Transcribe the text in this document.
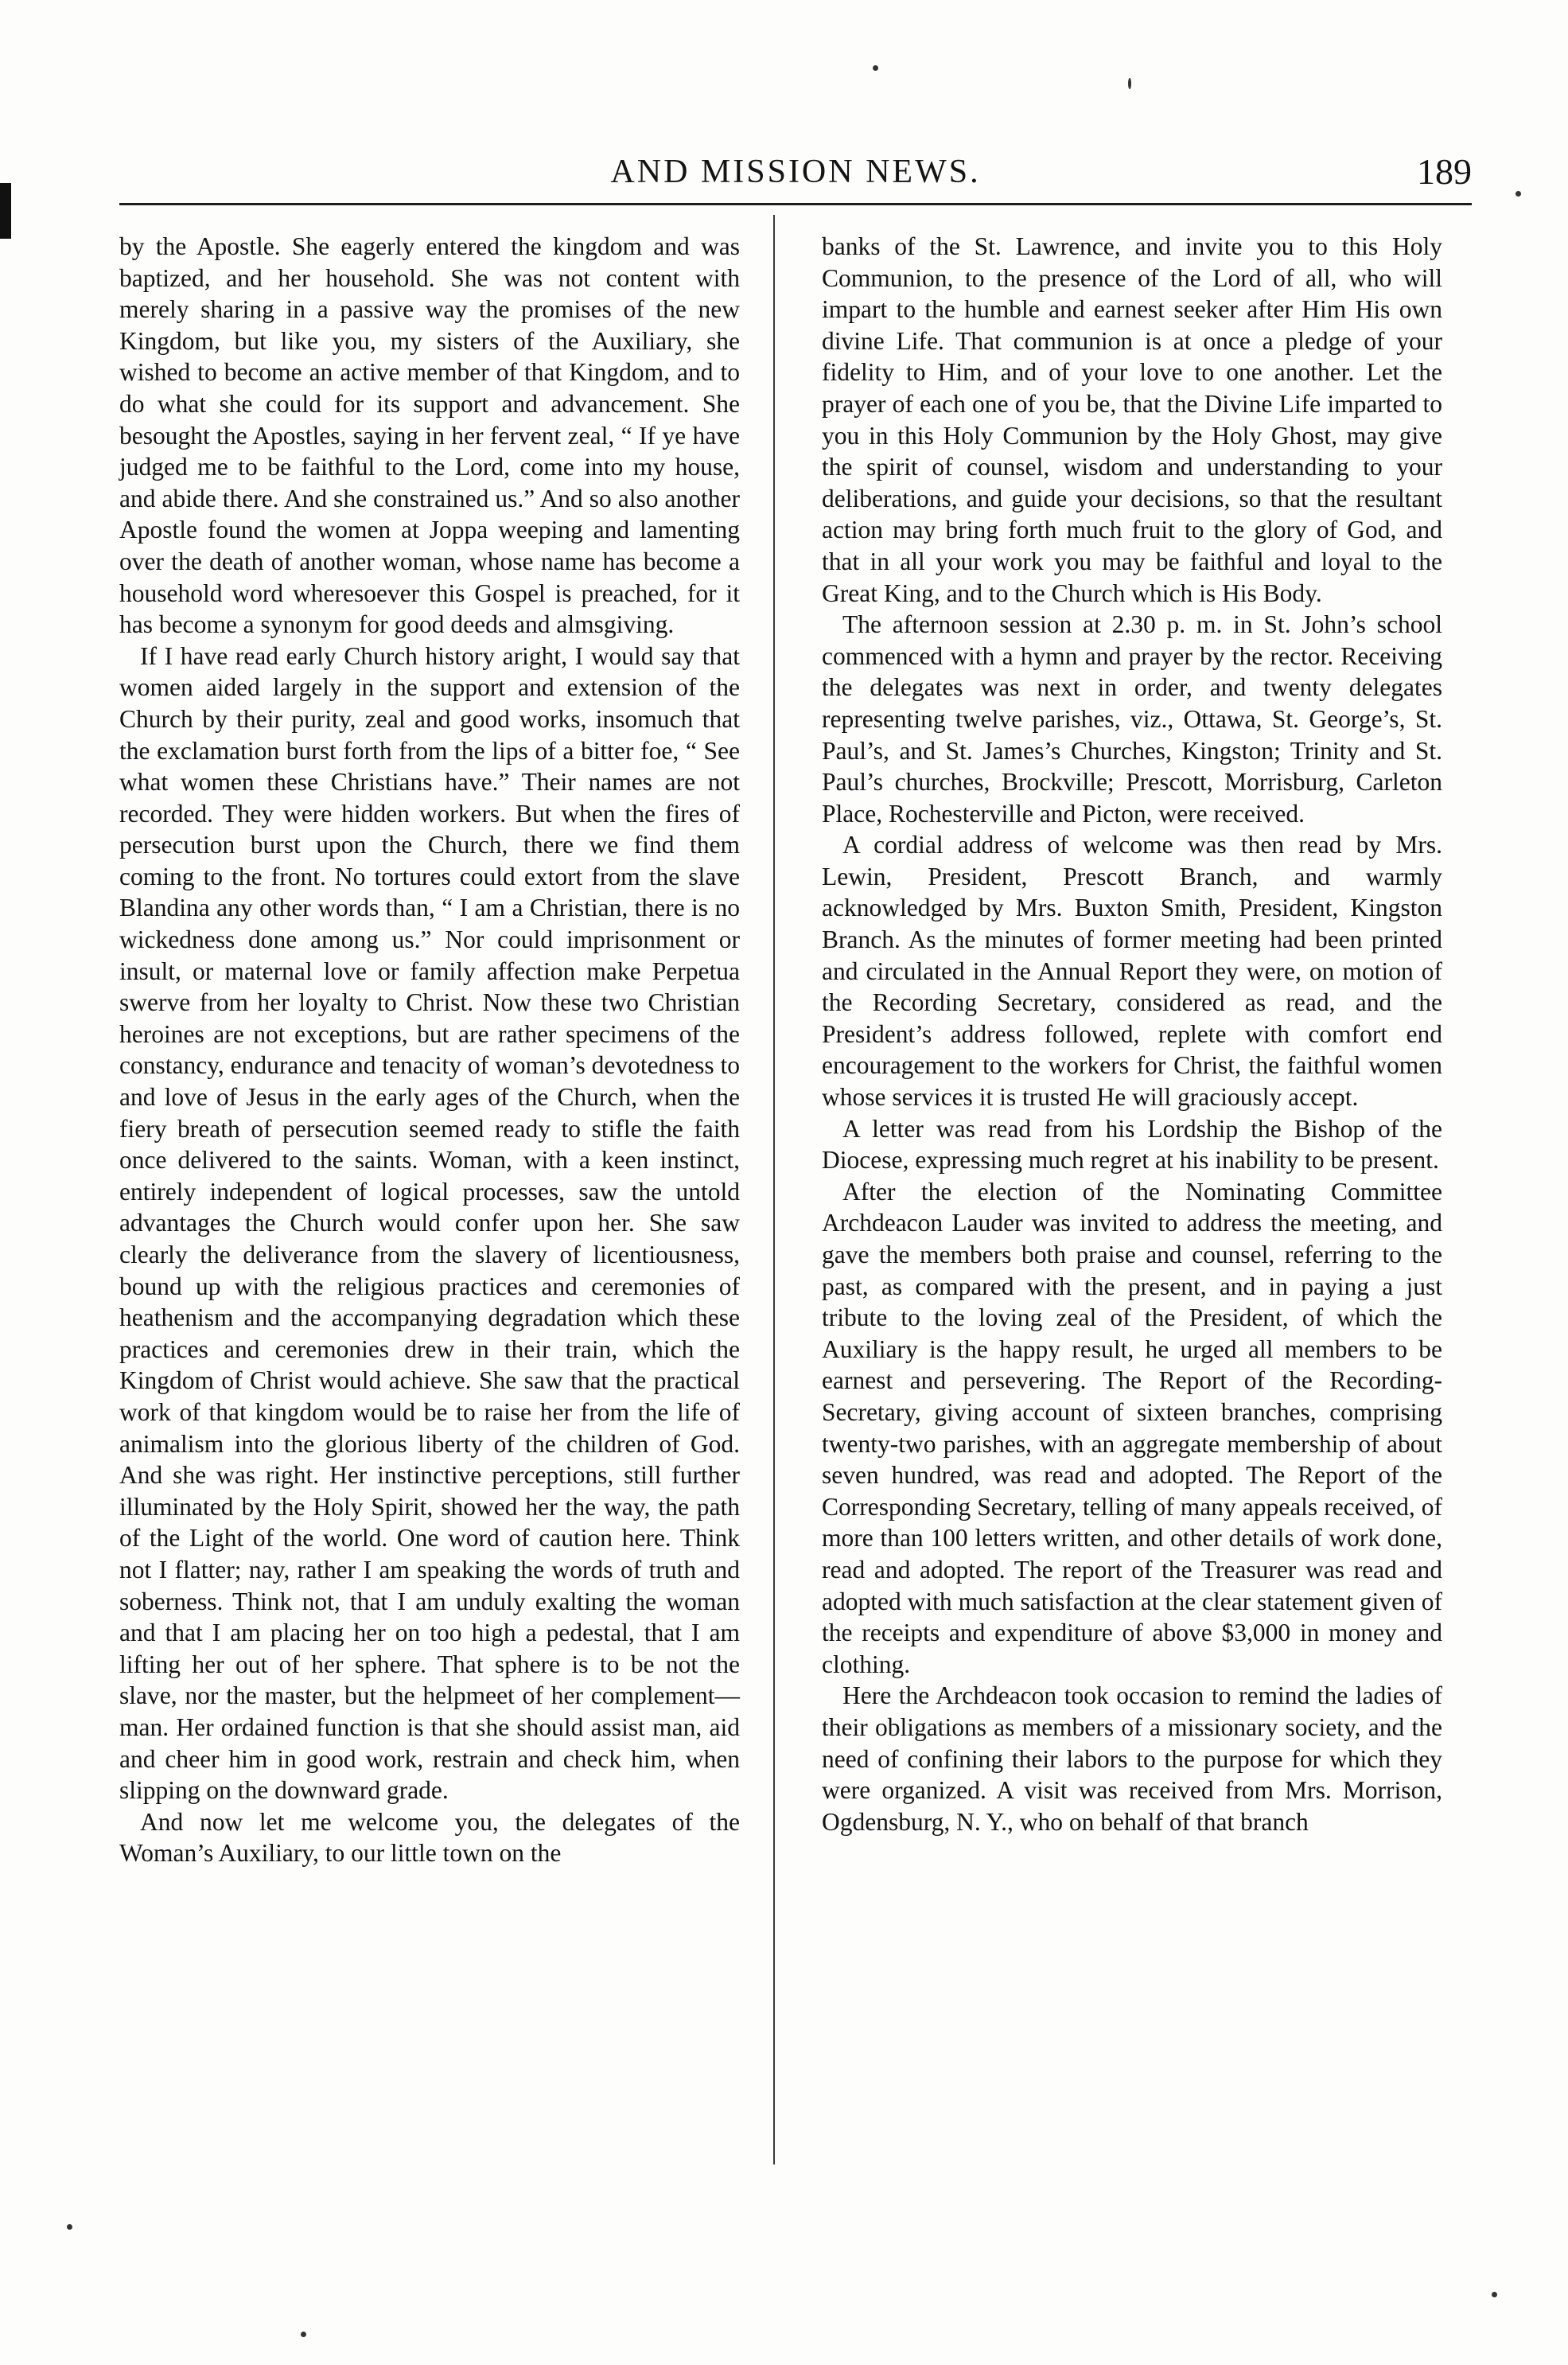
AND MISSION NEWS.	189

by the Apostle. She eagerly entered the kingdom and was baptized, and her household. She was not content with merely sharing in a passive way the promises of the new Kingdom, but like you, my sisters of the Auxiliary, she wished to become an active member of that Kingdom, and to do what she could for its support and advancement. She besought the Apostles, saying in her fervent zeal, “ If ye have judged me to be faithful to the Lord, come into my house, and abide there. And she constrained us.” And so also another Apostle found the women at Joppa weeping and lamenting over the death of another woman, whose name has become a household word wheresoever this Gospel is preached, for it has become a synonym for good deeds and almsgiving.

If I have read early Church history aright, I would say that women aided largely in the support and extension of the Church by their purity, zeal and good works, insomuch that the exclamation burst forth from the lips of a bitter foe, “ See what women these Christians have.” Their names are not recorded. They were hidden workers. But when the fires of persecution burst upon the Church, there we find them coming to the front. No tortures could extort from the slave Blandina any other words than, “ I am a Christian, there is no wickedness done among us.” Nor could imprisonment or insult, or maternal love or family affection make Perpetua swerve from her loyalty to Christ. Now these two Christian heroines are not exceptions, but are rather specimens of the constancy, endurance and tenacity of woman’s devotedness to and love of Jesus in the early ages of the Church, when the fiery breath of persecution seemed ready to stifle the faith once delivered to the saints. Woman, with a keen instinct, entirely independent of logical processes, saw the untold advantages the Church would confer upon her. She saw clearly the deliverance from the slavery of licentiousness, bound up with the religious practices and ceremonies of heathenism and the accompanying degradation which these practices and ceremonies drew in their train, which the Kingdom of Christ would achieve. She saw that the practical work of that kingdom would be to raise her from the life of animalism into the glorious liberty of the children of God. And she was right. Her instinctive perceptions, still further illuminated by the Holy Spirit, showed her the way, the path of the Light of the world. One word of caution here. Think not I flatter; nay, rather I am speaking the words of truth and soberness. Think not, that I am unduly exalting the woman and that I am placing her on too high a pedestal, that I am lifting her out of her sphere. That sphere is to be not the slave, nor the master, but the helpmeet of her complement—man. Her ordained function is that she should assist man, aid and cheer him in good work, restrain and check him, when slipping on the downward grade.

And now let me welcome you, the delegates of the Woman’s Auxiliary, to our little town on the

banks of the St. Lawrence, and invite you to this Holy Communion, to the presence of the Lord of all, who will impart to the humble and earnest seeker after Him His own divine Life. That communion is at once a pledge of your fidelity to Him, and of your love to one another. Let the prayer of each one of you be, that the Divine Life imparted to you in this Holy Communion by the Holy Ghost, may give the spirit of counsel, wisdom and understanding to your deliberations, and guide your decisions, so that the resultant action may bring forth much fruit to the glory of God, and that in all your work you may be faithful and loyal to the Great King, and to the Church which is His Body.

The afternoon session at 2.30 p. m. in St. John’s school commenced with a hymn and prayer by the rector. Receiving the delegates was next in order, and twenty delegates representing twelve parishes, viz., Ottawa, St. George’s, St. Paul’s, and St. James’s Churches, Kingston; Trinity and St. Paul’s churches, Brockville; Prescott, Morrisburg, Carleton Place, Rochesterville and Picton, were received.

A cordial address of welcome was then read by Mrs. Lewin, President, Prescott Branch, and warmly acknowledged by Mrs. Buxton Smith, President, Kingston Branch. As the minutes of former meeting had been printed and circulated in the Annual Report they were, on motion of the Recording Secretary, considered as read, and the President’s address followed, replete with comfort end encouragement to the workers for Christ, the faithful women whose services it is trusted He will graciously accept.

A letter was read from his Lordship the Bishop of the Diocese, expressing much regret at his inability to be present.

After the election of the Nominating Committee Archdeacon Lauder was invited to address the meeting, and gave the members both praise and counsel, referring to the past, as compared with the present, and in paying a just tribute to the loving zeal of the President, of which the Auxiliary is the happy result, he urged all members to be earnest and persevering. The Report of the Recording-Secretary, giving account of sixteen branches, comprising twenty-two parishes, with an aggregate membership of about seven hundred, was read and adopted. The Report of the Corresponding Secretary, telling of many appeals received, of more than 100 letters written, and other details of work done, read and adopted. The report of the Treasurer was read and adopted with much satisfaction at the clear statement given of the receipts and expenditure of above $3,000 in money and clothing.

Here the Archdeacon took occasion to remind the ladies of their obligations as members of a missionary society, and the need of confining their labors to the purpose for which they were organized. A visit was received from Mrs. Morrison, Ogdensburg, N. Y., who on behalf of that branch
